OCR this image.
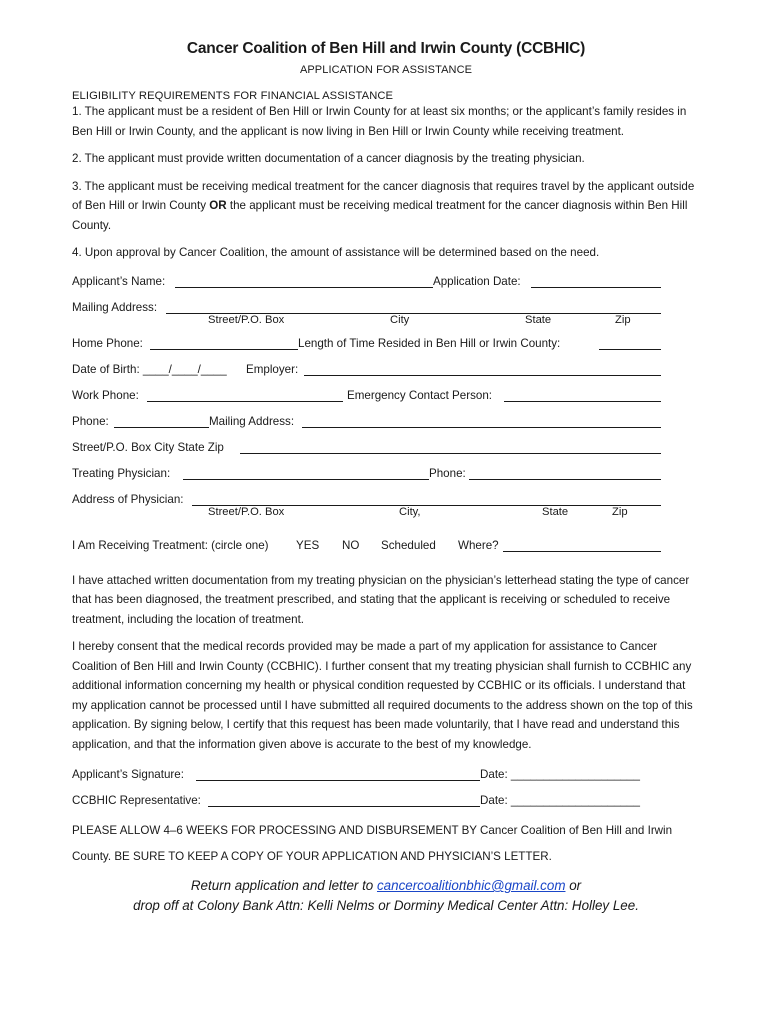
Cancer Coalition of Ben Hill and Irwin County (CCBHIC)
APPLICATION FOR ASSISTANCE
ELIGIBILITY REQUIREMENTS FOR FINANCIAL ASSISTANCE
1. The applicant must be a resident of Ben Hill or Irwin County for at least six months; or the applicant’s family resides in Ben Hill or Irwin County, and the applicant is now living in Ben Hill or Irwin County while receiving treatment.
2. The applicant must provide written documentation of a cancer diagnosis by the treating physician.
3. The applicant must be receiving medical treatment for the cancer diagnosis that requires travel by the applicant outside of Ben Hill or Irwin County OR the applicant must be receiving medical treatment for the cancer diagnosis within Ben Hill County.
4. Upon approval by Cancer Coalition, the amount of assistance will be determined based on the need.
Applicant’s Name:	Application Date:
Mailing Address:
Street/P.O. Box	City	State	Zip
Home Phone:	Length of Time Resided in Ben Hill or Irwin County:
Date of Birth: ____/____/____ Employer:
Work Phone:	Emergency Contact Person:
Phone:	Mailing Address:
Street/P.O. Box City State Zip
Treating Physician:	Phone:
Address of Physician:
Street/P.O. Box	City,	State	Zip
I Am Receiving Treatment: (circle one) YES NO Scheduled Where?
I have attached written documentation from my treating physician on the physician’s letterhead stating the type of cancer that has been diagnosed, the treatment prescribed, and stating that the applicant is receiving or scheduled to receive treatment, including the location of treatment.
I hereby consent that the medical records provided may be made a part of my application for assistance to Cancer Coalition of Ben Hill and Irwin County (CCBHIC). I further consent that my treating physician shall furnish to CCBHIC any additional information concerning my health or physical condition requested by CCBHIC or its officials. I understand that my application cannot be processed until I have submitted all required documents to the address shown on the top of this application. By signing below, I certify that this request has been made voluntarily, that I have read and understand this application, and that the information given above is accurate to the best of my knowledge.
Applicant’s Signature:	Date: ____________________
CCBHIC Representative:	Date: ____________________
PLEASE ALLOW 4–6 WEEKS FOR PROCESSING AND DISBURSEMENT BY Cancer Coalition of Ben Hill and Irwin County. BE SURE TO KEEP A COPY OF YOUR APPLICATION AND PHYSICIAN’S LETTER.
Return application and letter to cancercoalitionbhic@gmail.com or
drop off at Colony Bank Attn: Kelli Nelms or Dorminy Medical Center Attn: Holley Lee.
